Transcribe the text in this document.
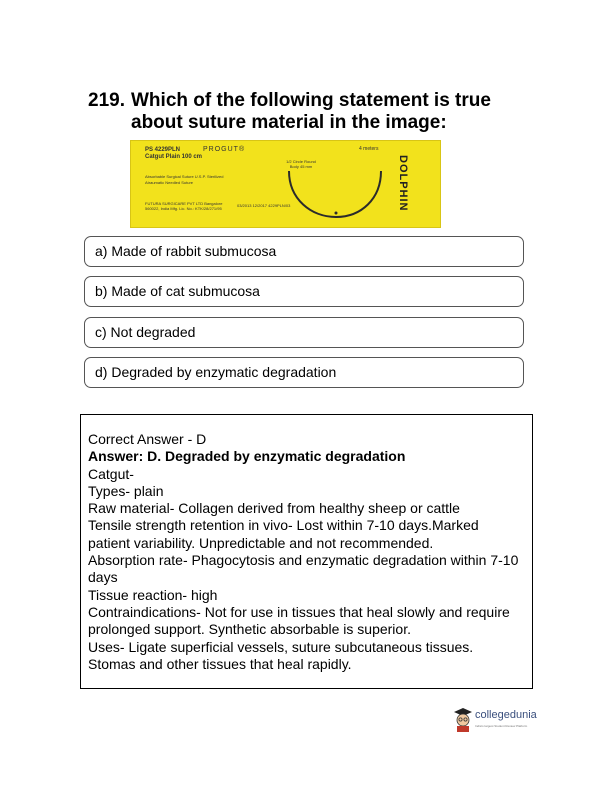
219. Which of the following statement is true about suture material in the image:
PS 4229PLN	PROGUT®	4 meters
Catgut Plain 100 cm
Absorbable Surgical Suture U.S.P. Sterilized Atraumatic Needled Suture
FUTURA SURGICARE PVT LTD Bangalore 560022, India Mfg. Lic. No.: KTK/28/271/95
1/2 Circle Round Body 45 mm
03/2013 12/2017 4229PLN/03	DOLPHIN
a) Made of rabbit submucosa
b) Made of cat submucosa
c) Not degraded
d) Degraded by enzymatic degradation
Correct Answer - D
Answer: D. Degraded by enzymatic degradation
Catgut-
Types- plain
Raw material- Collagen derived from healthy sheep or cattle
Tensile strength retention in vivo- Lost within 7-10 days.Marked patient variability. Unpredictable and not recommended.
Absorption rate- Phagocytosis and enzymatic degradation within 7-10 days
Tissue reaction- high
Contraindications- Not for use in tissues that heal slowly and require prolonged support. Synthetic absorbable is superior.
Uses- Ligate superficial vessels, suture subcutaneous tissues. Stomas and other tissues that heal rapidly.
collegedunia
India's largest Student Review Platform
